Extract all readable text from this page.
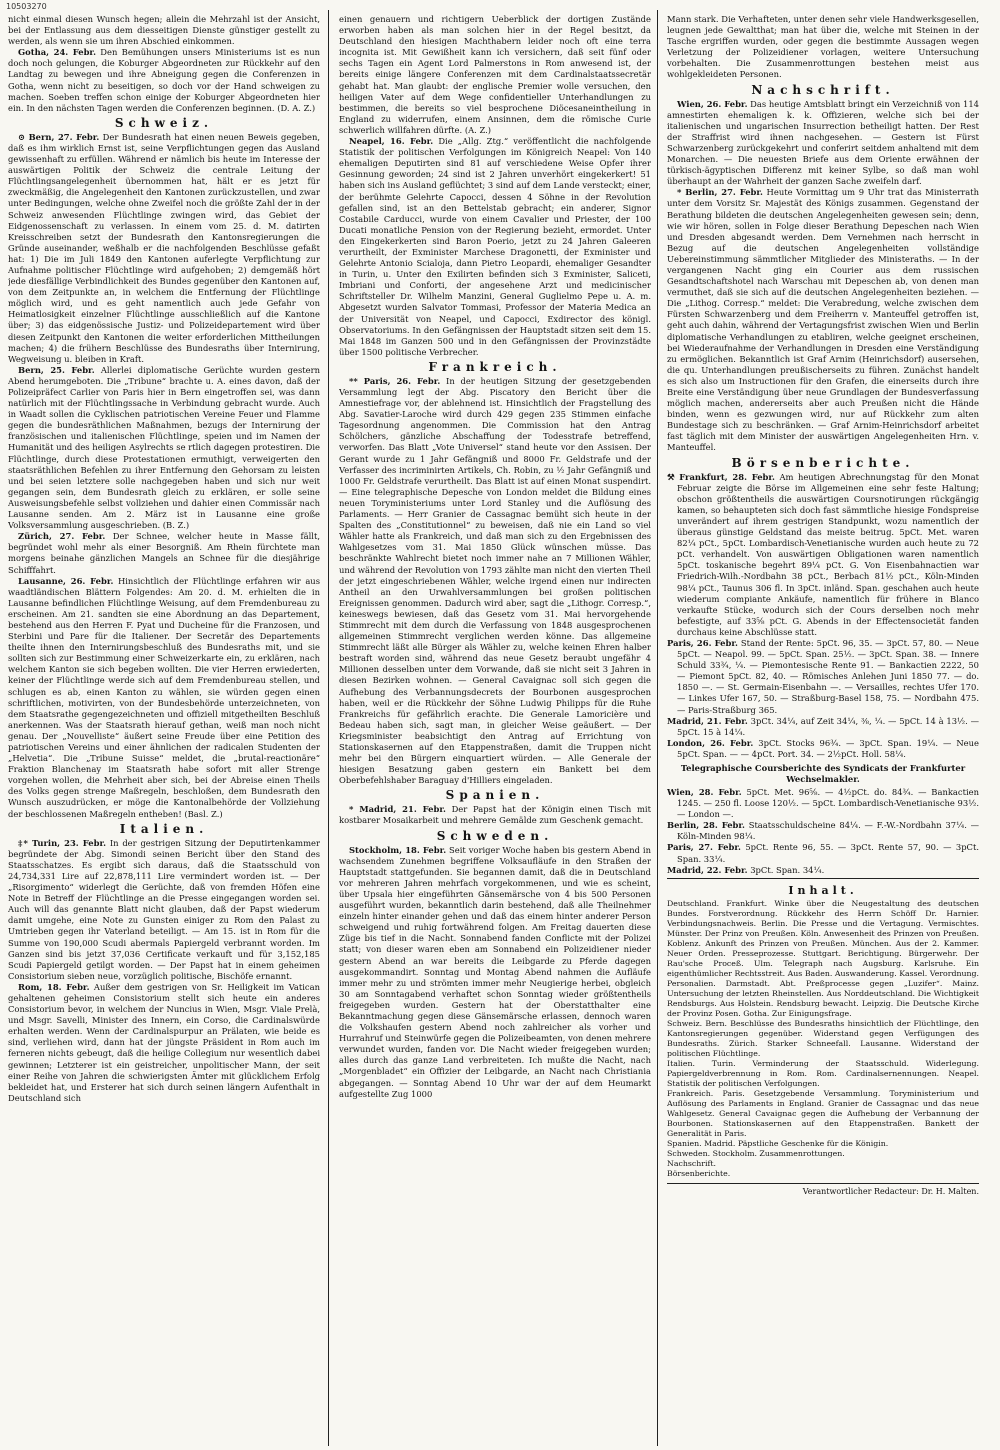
10503270

nicht einmal diesen Wunsch hegen; allein die Mehrzahl ist der Ansicht, bei der Entlassung aus dem diesseitigen Dienste günstiger gestellt zu werden, als wenn sie um ihren Abschied einkommen.

Gotha, 24. Febr. Den Bemühungen unsers Ministeriums ist es nun doch noch gelungen, die Koburger Abgeordneten zur Rückkehr auf den Landtag zu bewegen und ihre Abneigung gegen die Conferenzen in Gotha, wenn nicht zu beseitigen, so doch vor der Hand schweigen zu machen. Soeben treffen schon einige der Koburger Abgeordneten hier ein. In den nächsten Tagen werden die Conferenzen beginnen. (D. A. Z.)

Schweiz.

⊙ Bern, 27. Febr. Der Bundesrath hat einen neuen Beweis gegeben, daß es ihm wirklich Ernst ist, seine Verpflichtungen gegen das Ausland gewissenhaft zu erfüllen. Während er nämlich bis heute im Interesse der auswärtigen Politik der Schweiz die centrale Leitung der Flüchtlingsangelegenheit übernommen hat, hält er es jetzt für zweckmäßig, die Angelegenheit den Kantonen zurückzustellen, und zwar unter Bedingungen, welche ohne Zweifel noch die größte Zahl der in der Schweiz anwesenden Flüchtlinge zwingen wird, das Gebiet der Eidgenossenschaft zu verlassen. In einem vom 25. d. M. datirten Kreisschreiben setzt der Bundesrath den Kantonsregierungen die Gründe auseinander, weßhalb er die nachfolgenden Beschlüsse gefaßt hat: 1) Die im Juli 1849 den Kantonen auferlegte Verpflichtung zur Aufnahme politischer Flüchtlinge wird aufgehoben; 2) demgemäß hört jede diesfällige Verbindlichkeit des Bundes gegenüber den Kantonen auf, von dem Zeitpunkte an, in welchem die Entfernung der Flüchtlinge möglich wird, und es geht namentlich auch jede Gefahr von Heimatlosigkeit einzelner Flüchtlinge ausschließlich auf die Kantone über; 3) das eidgenössische Justiz- und Polizeidepartement wird über diesen Zeitpunkt den Kantonen die weiter erforderlichen Mittheilungen machen; 4) die frühern Beschlüsse des Bundesraths über Internirung, Wegweisung u. bleiben in Kraft.

Bern, 25. Febr. Allerlei diplomatische Gerüchte wurden gestern Abend herumgeboten. Die „Tribune“ brachte u. A. eines davon, daß der Polizeipräfect Carlier von Paris hier in Bern eingetroffen sei, was dann natürlich mit der Flüchtlingssache in Verbindung gebracht wurde. Auch in Waadt sollen die Cyklischen patriotischen Vereine Feuer und Flamme gegen die bundesräthlichen Maßnahmen, bezugs der Internirung der französischen und italienischen Flüchtlinge, speien und im Namen der Humanität und des heiligen Asylrechts se rtlich dagegen protestiren. Die Flüchtlinge, durch diese Protestationen ermuthigt, verweigerten den staatsräthlichen Befehlen zu ihrer Entfernung den Gehorsam zu leisten und bei seien letztere solle nachgegeben haben und sich nur weit gegangen sein, dem Bundesrath gleich zu erklären, er solle seine Ausweisungsbefehle selbst vollziehen und dahier einen Commissär nach Lausanne senden. Am 2. März ist in Lausanne eine große Volksversammlung ausgeschrieben. (B. Z.)

Zürich, 27. Febr. Der Schnee, welcher heute in Masse fällt, begründet wohl mehr als einer Besorgniß. Am Rhein fürchtete man morgens beinahe gänzlichen Mangels an Schnee für die diesjährige Schifffahrt.

Lausanne, 26. Febr. Hinsichtlich der Flüchtlinge erfahren wir aus waadtländischen Blättern Folgendes: Am 20. d. M. erhielten die in Lausanne befindlichen Flüchtlinge Weisung, auf dem Fremdenbureau zu erscheinen. Am 21. sandten sie eine Abordnung an das Departement, bestehend aus den Herren F. Pyat und Ducheine für die Franzosen, und Sterbini und Pare für die Italiener. Der Secretär des Departements theilte ihnen den Internirungsbeschluß des Bundesraths mit, und sie sollten sich zur Bestimmung einer Schweizerkarte ein, zu erklären, nach welchem Kanton sie sich begeben wollten. Die vier Herren erwiederten, keiner der Flüchtlinge werde sich auf dem Fremdenbureau stellen, und schlugen es ab, einen Kanton zu wählen, sie würden gegen einen schriftlichen, motivirten, von der Bundesbehörde unterzeichneten, von dem Staatsrathe gegengezeichneten und offiziell mitgetheilten Beschluß anerkennen. Was der Staatsrath hierauf gethan, weiß man noch nicht genau. Der „Nouvelliste“ äußert seine Freude über eine Petition des patriotischen Vereins und einer ähnlichen der radicalen Studenten der „Helvetia“. Die „Tribune Suisse“ meldet, die „brutal-reactionäre“ Fraktion Blanchenay im Staatsrath habe sofort mit aller Strenge vorgehen wollen, die Mehrheit aber sich, bei der Abreise einen Theils des Volks gegen strenge Maßregeln, beschloßen, dem Bundesrath den Wunsch auszudrücken, er möge die Kantonalbehörde der Vollziehung der beschlossenen Maßregeln entheben! (Basl. Z.)

Italien.

‡* Turin, 23. Febr. In der gestrigen Sitzung der Deputirtenkammer begründete der Abg. Simondi seinen Bericht über den Stand des Staatsschatzes. Es ergibt sich daraus, daß die Staatsschuld von 24,734,331 Lire auf 22,878,111 Lire vermindert worden ist. — Der „Risorgimento“ widerlegt die Gerüchte, daß von fremden Höfen eine Note in Betreff der Flüchtlinge an die Presse eingegangen worden sei. Auch will das genannte Blatt nicht glauben, daß der Papst wiederum damit umgehe, eine Note zu Gunsten einiger zu Rom den Palast zu Umtrieben gegen ihr Vaterland beteiligt. — Am 15. ist in Rom für die Summe von 190,000 Scudi abermals Papiergeld verbrannt worden. Im Ganzen sind bis jetzt 37,036 Certificate verkauft und für 3,152,185 Scudi Papiergeld getilgt worden. — Der Papst hat in einem geheimen Consistorium sieben neue, vorzüglich politische, Bischöfe ernannt.

Rom, 18. Febr. Außer dem gestrigen von Sr. Heiligkeit im Vatican gehaltenen geheimen Consistorium stellt sich heute ein anderes Consistorium bevor, in welchem der Nuncius in Wien, Msgr. Viale Prelà, und Msgr. Savelli, Minister des Innern, ein Corso, die Cardinalswürde erhalten werden. Wenn der Cardinalspurpur an Prälaten, wie beide es sind, verliehen wird, dann hat der jüngste Präsident in Rom auch im ferneren nichts gebeugt, daß die heilige Collegium nur wesentlich dabei gewinnen; Letzterer ist ein geistreicher, unpolitischer Mann, der seit einer Reihe von Jahren die schwierigsten Ämter mit glücklichem Erfolg bekleidet hat, und Ersterer hat sich durch seinen längern Aufenthalt in Deutschland sich

einen genauern und richtigern Ueberblick der dortigen Zustände erworben haben als man solchen hier in der Regel besitzt, da Deutschland den hiesigen Machthabern leider noch oft eine terra incognita ist. Mit Gewißheit kann ich versichern, daß seit fünf oder sechs Tagen ein Agent Lord Palmerstons in Rom anwesend ist, der bereits einige längere Conferenzen mit dem Cardinalstaatssecretär gehabt hat. Man glaubt: der englische Premier wolle versuchen, den heiligen Vater auf dem Wege confidentieller Unterhandlungen zu bestimmen, die bereits so viel besprochene Diöcesaneintheilung in England zu widerrufen, einem Ansinnen, dem die römische Curie schwerlich willfahren dürfte. (A. Z.)

Neapel, 16. Febr. Die „Allg. Ztg.“ veröffentlicht die nachfolgende Statistik der politischen Verfolgungen im Königreich Neapel: Von 140 ehemaligen Deputirten sind 81 auf verschiedene Weise Opfer ihrer Gesinnung geworden; 24 sind ist 2 Jahren unverhört eingekerkert! 51 haben sich ins Ausland geflüchtet; 3 sind auf dem Lande versteckt; einer, der berühmte Gelehrte Capocci, dessen 4 Söhne in der Revolution gefallen sind, ist an den Bettelstab gebracht; ein anderer, Signor Costabile Carducci, wurde von einem Cavalier und Priester, der 100 Ducati monatliche Pension von der Regierung bezieht, ermordet. Unter den Eingekerkerten sind Baron Poerio, jetzt zu 24 Jahren Galeeren verurtheilt, der Exminister Marchese Dragonetti, der Exminister und Gelehrte Antonio Scialoja, dann Pietro Leopardi, ehemaliger Gesandter in Turin, u. Unter den Exilirten befinden sich 3 Exminister, Saliceti, Imbriani und Conforti, der angesehene Arzt und medicinischer Schriftsteller Dr. Wilhelm Manzini, General Guglielmo Pepe u. A. m. Abgesetzt wurden Salvator Tommasi, Professor der Materia Medica an der Universität von Neapel, und Capocci, Exdirector des königl. Observatoriums. In den Gefängnissen der Hauptstadt sitzen seit dem 15. Mai 1848 im Ganzen 500 und in den Gefängnissen der Provinzstädte über 1500 politische Verbrecher.

Frankreich.

** Paris, 26. Febr. In der heutigen Sitzung der gesetzgebenden Versammlung legt der Abg. Piscatory den Bericht über die Amnestiefrage vor, der ablehnend ist. Hinsichtlich der Fragstellung des Abg. Savatier-Laroche wird durch 429 gegen 235 Stimmen einfache Tagesordnung angenommen. Die Commission hat den Antrag Schölchers, gänzliche Abschaffung der Todesstrafe betreffend, verworfen. Das Blatt „Vote Universel“ stand heute vor den Assisen. Der Gerant wurde zu 1 Jahr Gefängniß und 8000 Fr. Geldstrafe und der Verfasser des incriminirten Artikels, Ch. Robin, zu ½ Jahr Gefängniß und 1000 Fr. Geldstrafe verurtheilt. Das Blatt ist auf einen Monat suspendirt. — Eine telegraphische Depesche von London meldet die Bildung eines neuen Toryministeriums unter Lord Stanley und die Auflösung des Parlaments. — Herr Granier de Cassagnac bemüht sich heute in der Spalten des „Constitutionnel“ zu beweisen, daß nie ein Land so viel Wähler hatte als Frankreich, und daß man sich zu den Ergebnissen des Wahlgesetzes vom 31. Mai 1850 Glück wünschen müsse. Das beschränkte Wahlrecht bietet noch immer nahe an 7 Millionen Wähler, und während der Revolution von 1793 zählte man nicht den vierten Theil der jetzt eingeschriebenen Wähler, welche irgend einen nur indirecten Antheil an den Urwahlversammlungen bei großen politischen Ereignissen genommen. Dadurch wird aber, sagt die „Lithogr. Corresp.“, keineswegs bewiesen, daß das Gesetz vom 31. Mai hervorgehende Stimmrecht mit dem durch die Verfassung von 1848 ausgesprochenen allgemeinen Stimmrecht verglichen werden könne. Das allgemeine Stimmrecht läßt alle Bürger als Wähler zu, welche keinen Ehren halber bestraft worden sind, während das neue Gesetz beraubt ungefähr 4 Millionen desselben unter dem Vorwande, daß sie nicht seit 3 Jahren in diesen Bezirken wohnen. — General Cavaignac soll sich gegen die Aufhebung des Verbannungsdecrets der Bourbonen ausgesprochen haben, weil er die Rückkehr der Söhne Ludwig Philipps für die Ruhe Frankreichs für gefährlich erachte. Die Generale Lamoricière und Bedeau haben sich, sagt man, in gleicher Weise geäußert. — Der Kriegsminister beabsichtigt den Antrag auf Errichtung von Stationskasernen auf den Etappenstraßen, damit die Truppen nicht mehr bei den Bürgern einquartiert würden. — Alle Generale der hiesigen Besatzung gaben gestern ein Bankett bei dem Oberbefehlshaber Baraguay d'Hilliers eingeladen.

Spanien.

* Madrid, 21. Febr. Der Papst hat der Königin einen Tisch mit kostbarer Mosaikarbeit und mehrere Gemälde zum Geschenk gemacht.

Schweden.

Stockholm, 18. Febr. Seit voriger Woche haben bis gestern Abend in wachsendem Zunehmen begriffene Volksaufläufe in den Straßen der Hauptstadt stattgefunden. Sie begannen damit, daß die in Deutschland vor mehreren Jahren mehrfach vorgekommenen, und wie es scheint, über Upsala hier eingeführten Gänsemärsche von 4 bis 500 Personen ausgeführt wurden, bekanntlich darin bestehend, daß alle Theilnehmer einzeln hinter einander gehen und daß das einem hinter anderer Person schweigend und ruhig fortwährend folgen. Am Freitag dauerten diese Züge bis tief in die Nacht. Sonnabend fanden Conflicte mit der Polizei statt; von dieser waren eben am Sonnabend ein Polizeidiener nieder gestern Abend an war bereits die Leibgarde zu Pferde dagegen ausgekommandirt. Sonntag und Montag Abend nahmen die Aufläufe immer mehr zu und strömten immer mehr Neugierige herbei, obgleich 30 am Sonntagabend verhaftet schon Sonntag wieder größtentheils freigegeben wurden. Gestern hat der Oberstatthalter eine Bekanntmachung gegen diese Gänsemärsche erlassen, dennoch waren die Volkshaufen gestern Abend noch zahlreicher als vorher und Hurrahruf und Steinwürfe gegen die Polizeibeamten, von denen mehrere verwundet wurden, fanden vor. Die Nacht wieder freigegeben wurden; alles durch das ganze Land verbreiteten. Ich mußte die Nacht, nach „Morgenbladet“ ein Offizier der Leibgarde, an Nacht nach Christiania abgegangen. — Sonntag Abend 10 Uhr war der auf dem Heumarkt aufgestellte Zug 1000

Mann stark. Die Verhafteten, unter denen sehr viele Handwerksgesellen, leugnen jede Gewaltthat; man hat über die, welche mit Steinen in der Tasche ergriffen wurden, oder gegen die bestimmte Aussagen wegen Verletzung der Polizeidiener vorlagen, weitere Untersuchung vorbehalten. Die Zusammenrottungen bestehen meist aus wohlgekleideten Personen.

Nachschrift.

Wien, 26. Febr. Das heutige Amtsblatt bringt ein Verzeichniß von 114 amnestirten ehemaligen k. k. Offizieren, welche sich bei der italienischen und ungarischen Insurrection betheiligt hatten. Der Rest der Straffrist wird ihnen nachgesehen. — Gestern ist Fürst Schwarzenberg zurückgekehrt und conferirt seitdem anhaltend mit dem Monarchen. — Die neuesten Briefe aus dem Oriente erwähnen der türkisch-ägyptischen Differenz mit keiner Sylbe, so daß man wohl überhaupt an der Wahrheit der ganzen Sache zweifeln darf.

* Berlin, 27. Febr. Heute Vormittag um 9 Uhr trat das Ministerrath unter dem Vorsitz Sr. Majestät des Königs zusammen. Gegenstand der Berathung bildeten die deutschen Angelegenheiten gewesen sein; denn, wie wir hören, sollen in Folge dieser Berathung Depeschen nach Wien und Dresden abgesandt werden. Dem Vernehmen nach herrscht in Bezug auf die deutschen Angelegenheiten vollständige Uebereinstimmung sämmtlicher Mitglieder des Ministeraths. — In der vergangenen Nacht ging ein Courier aus dem russischen Gesandtschaftshotel nach Warschau mit Depeschen ab, von denen man vermuthet, daß sie sich auf die deutschen Angelegenheiten beziehen. — Die „Lithog. Corresp.“ meldet: Die Verabredung, welche zwischen dem Fürsten Schwarzenberg und dem Freiherrn v. Manteuffel getroffen ist, geht auch dahin, während der Vertagungsfrist zwischen Wien und Berlin diplomatische Verhandlungen zu etabliren, welche geeignet erscheinen, bei Wiederaufnahme der Verhandlungen in Dresden eine Verständigung zu ermöglichen. Bekanntlich ist Graf Arnim (Heinrichsdorf) ausersehen, die qu. Unterhandlungen preußischerseits zu führen. Zunächst handelt es sich also um Instructionen für den Grafen, die einerseits durch ihre Breite eine Verständigung über neue Grundlagen der Bundesverfassung möglich machen, andererseits aber auch Preußen nicht die Hände binden, wenn es gezwungen wird, nur auf Rückkehr zum alten Bundestage sich zu beschränken. — Graf Arnim-Heinrichsdorf arbeitet fast täglich mit dem Minister der auswärtigen Angelegenheiten Hrn. v. Manteuffel.

Börsenberichte.

⚒ Frankfurt, 28. Febr. Am heutigen Abrechnungstag für den Monat Februar zeigte die Börse im Allgemeinen eine sehr feste Haltung; obschon größtentheils die auswärtigen Coursnotirungen rückgängig kamen, so behaupteten sich doch fast sämmtliche hiesige Fondspreise unverändert auf ihrem gestrigen Standpunkt, wozu namentlich der überaus günstige Geldstand das meiste beitrug. 5pCt. Met. waren 82¼ pCt., 5pCt. Lombardisch-Venetianische wurden auch heute zu 72 pCt. verhandelt. Von auswärtigen Obligationen waren namentlich 5pCt. toskanische begehrt 89¼ pCt. G. Von Eisenbahnactien war Friedrich-Wilh.-Nordbahn 38 pCt., Berbach 81½ pCt., Köln-Minden 98¼ pCt., Taunus 306 fl. In 3pCt. inländ. Span. geschahen auch heute wiederum compiante Ankäufe, namentlich für frühere in Blanco verkaufte Stücke, wodurch sich der Cours derselben noch mehr befestigte, auf 33⅝ pCt. G. Abends in der Effectensocietät fanden durchaus keine Abschlüsse statt.

Paris, 26. Febr. Stand der Rente: 5pCt. 96, 35. — 3pCt. 57, 80. — Neue 5pCt. — Neapol. 99. — 5pCt. Span. 25½. — 3pCt. Span. 38. — Innere Schuld 33¾, ¼. — Piemontesische Rente 91. — Bankactien 2222, 50 — Piemont 5pCt. 82, 40. — Römisches Anlehen Juni 1850 77. — do. 1850 —. — St. Germain-Eisenbahn —. — Versailles, rechtes Ufer 170. — Linkes Ufer 167, 50. — Straßburg-Basel 158, 75. — Nordbahn 475. — Paris-Straßburg 365.

Madrid, 21. Febr. 3pCt. 34¼, auf Zeit 34¼, ⅜, ¼. — 5pCt. 14 à 13½. — 5pCt. 15 à 14¼.

London, 26. Febr. 3pCt. Stocks 96¾. — 3pCt. Span. 19¼. — Neue 5pCt. Span. — — 4pCt. Port. 34. — 2½pCt. Holl. 58¼.

Telegraphische Coursberichte des Syndicats der Frankfurter Wechselmakler.

Wien, 28. Febr. 5pCt. Met. 96⅝. — 4½pCt. do. 84¾. — Bankactien 1245. — 250 fl. Loose 120½. — 5pCt. Lombardisch-Venetianische 93½. — London —.

Berlin, 28. Febr. Staatsschuldscheine 84¼. — F.-W.-Nordbahn 37¼. — Köln-Minden 98¼.

Paris, 27. Febr. 5pCt. Rente 96, 55. — 3pCt. Rente 57, 90. — 3pCt. Span. 33¼.

Madrid, 22. Febr. 3pCt. Span. 34¼.

Inhalt.

Deutschland. Frankfurt. Winke über die Neugestaltung des deutschen Bundes. Forstverordnung. Rückkehr des Herrn Schöff Dr. Harnier. Verbindungsnachweis. Berlin. Die Presse und die Vertagung. Vermischtes. Münster. Der Prinz von Preußen. Köln. Anwesenheit des Prinzen von Preußen. Koblenz. Ankunft des Prinzen von Preußen. München. Aus der 2. Kammer. Neuer Orden. Presseprozesse. Stuttgart. Berichtigung. Bürgerwehr. Der Rau'sche Proceß. Ulm. Telegraph nach Augsburg. Karlsruhe. Ein eigenthümlicher Rechtsstreit. Aus Baden. Auswanderung. Kassel. Verordnung. Personalien. Darmstadt. Abt. Preßprocesse gegen „Luzifer“. Mainz. Untersuchung der letzten Rheinstellen. Aus Norddeutschland. Die Wichtigkeit Rendsburgs. Aus Holstein. Rendsburg bewacht. Leipzig. Die Deutsche Kirche der Provinz Posen. Gotha. Zur Einigungsfrage.

Schweiz. Bern. Beschlüsse des Bundesraths hinsichtlich der Flüchtlinge, den Kantonsregierungen gegenüber. Widerstand gegen Verfügungen des Bundesraths. Zürich. Starker Schneefall. Lausanne. Widerstand der politischen Flüchtlinge.

Italien. Turin. Verminderung der Staatsschuld. Widerlegung. Papiergeldverbrennung in Rom. Rom. Cardinalsernennungen. Neapel. Statistik der politischen Verfolgungen.

Frankreich. Paris. Gesetzgebende Versammlung. Toryministerium und Auflösung des Parlaments in England. Granier de Cassagnac und das neue Wahlgesetz. General Cavaignac gegen die Aufhebung der Verbannung der Bourbonen. Stationskasernen auf den Etappenstraßen. Bankett der Generalität in Paris.

Spanien. Madrid. Päpstliche Geschenke für die Königin.

Schweden. Stockholm. Zusammenrottungen.

Nachschrift.

Börsenberichte.

Verantwortlicher Redacteur: Dr. H. Malten.
